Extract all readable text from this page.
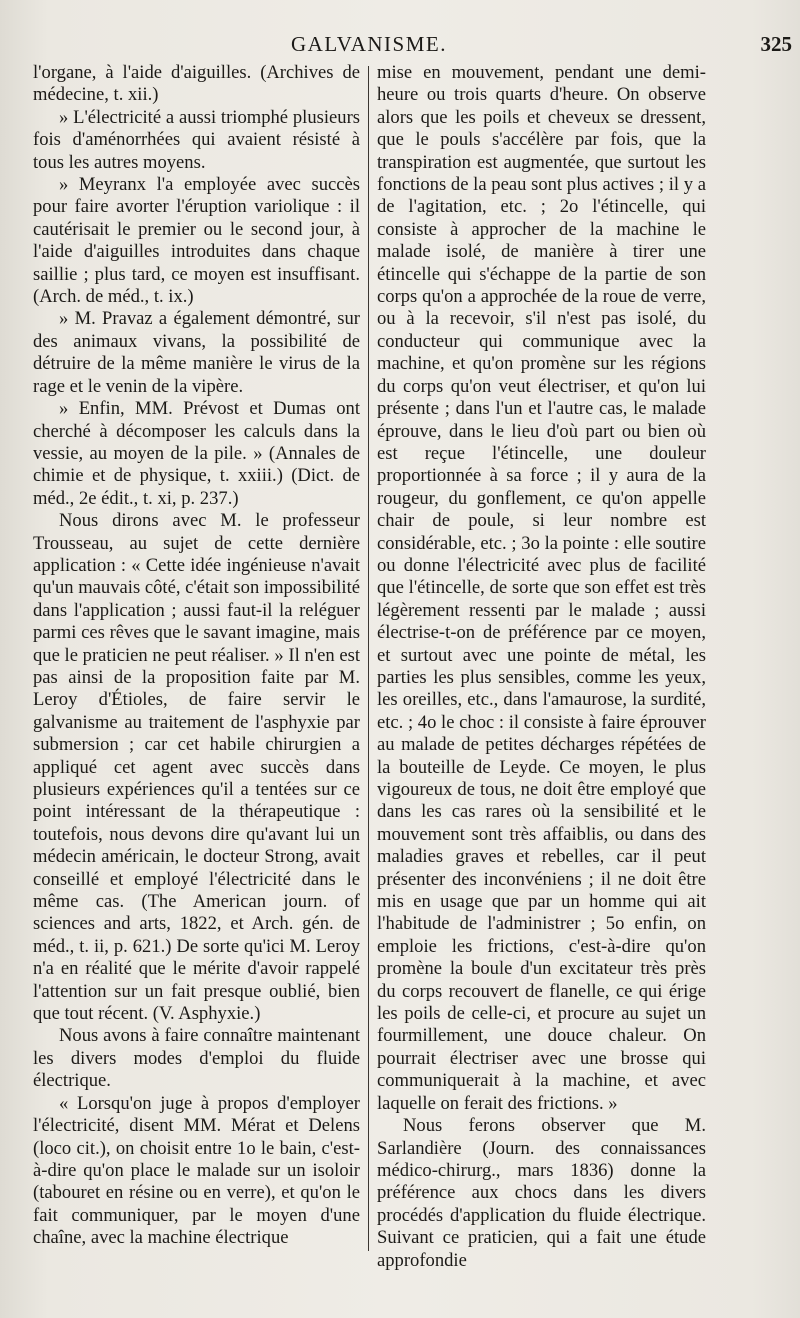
GALVANISME.	325

l'organe, à l'aide d'aiguilles. (Archives de médecine, t. xii.)

» L'électricité a aussi triomphé plusieurs fois d'aménorrhées qui avaient résisté à tous les autres moyens.

» Meyranx l'a employée avec succès pour faire avorter l'éruption variolique : il cautérisait le premier ou le second jour, à l'aide d'aiguilles introduites dans chaque saillie ; plus tard, ce moyen est insuffisant. (Arch. de méd., t. ix.)

» M. Pravaz a également démontré, sur des animaux vivans, la possibilité de détruire de la même manière le virus de la rage et le venin de la vipère.

» Enfin, MM. Prévost et Dumas ont cherché à décomposer les calculs dans la vessie, au moyen de la pile. » (Annales de chimie et de physique, t. xxiii.) (Dict. de méd., 2e édit., t. xi, p. 237.)

Nous dirons avec M. le professeur Trousseau, au sujet de cette dernière application : « Cette idée ingénieuse n'avait qu'un mauvais côté, c'était son impossibilité dans l'application ; aussi faut-il la reléguer parmi ces rêves que le savant imagine, mais que le praticien ne peut réaliser. » Il n'en est pas ainsi de la proposition faite par M. Leroy d'Étioles, de faire servir le galvanisme au traitement de l'asphyxie par submersion ; car cet habile chirurgien a appliqué cet agent avec succès dans plusieurs expériences qu'il a tentées sur ce point intéressant de la thérapeutique : toutefois, nous devons dire qu'avant lui un médecin américain, le docteur Strong, avait conseillé et employé l'électricité dans le même cas. (The American journ. of sciences and arts, 1822, et Arch. gén. de méd., t. ii, p. 621.) De sorte qu'ici M. Leroy n'a en réalité que le mérite d'avoir rappelé l'attention sur un fait presque oublié, bien que tout récent. (V. Asphyxie.)

Nous avons à faire connaître maintenant les divers modes d'emploi du fluide électrique.

« Lorsqu'on juge à propos d'employer l'électricité, disent MM. Mérat et Delens (loco cit.), on choisit entre 1o le bain, c'est-à-dire qu'on place le malade sur un isoloir (tabouret en résine ou en verre), et qu'on le fait communiquer, par le moyen d'une chaîne, avec la machine électrique

mise en mouvement, pendant une demi-heure ou trois quarts d'heure. On observe alors que les poils et cheveux se dressent, que le pouls s'accélère par fois, que la transpiration est augmentée, que surtout les fonctions de la peau sont plus actives ; il y a de l'agitation, etc. ; 2o l'étincelle, qui consiste à approcher de la machine le malade isolé, de manière à tirer une étincelle qui s'échappe de la partie de son corps qu'on a approchée de la roue de verre, ou à la recevoir, s'il n'est pas isolé, du conducteur qui communique avec la machine, et qu'on promène sur les régions du corps qu'on veut électriser, et qu'on lui présente ; dans l'un et l'autre cas, le malade éprouve, dans le lieu d'où part ou bien où est reçue l'étincelle, une douleur proportionnée à sa force ; il y aura de la rougeur, du gonflement, ce qu'on appelle chair de poule, si leur nombre est considérable, etc. ; 3o la pointe : elle soutire ou donne l'électricité avec plus de facilité que l'étincelle, de sorte que son effet est très légèrement ressenti par le malade ; aussi électrise-t-on de préférence par ce moyen, et surtout avec une pointe de métal, les parties les plus sensibles, comme les yeux, les oreilles, etc., dans l'amaurose, la surdité, etc. ; 4o le choc : il consiste à faire éprouver au malade de petites décharges répétées de la bouteille de Leyde. Ce moyen, le plus vigoureux de tous, ne doit être employé que dans les cas rares où la sensibilité et le mouvement sont très affaiblis, ou dans des maladies graves et rebelles, car il peut présenter des inconvéniens ; il ne doit être mis en usage que par un homme qui ait l'habitude de l'administrer ; 5o enfin, on emploie les frictions, c'est-à-dire qu'on promène la boule d'un excitateur très près du corps recouvert de flanelle, ce qui érige les poils de celle-ci, et procure au sujet un fourmillement, une douce chaleur. On pourrait électriser avec une brosse qui communiquerait à la machine, et avec laquelle on ferait des frictions. »

Nous ferons observer que M. Sarlandière (Journ. des connaissances médico-chirurg., mars 1836) donne la préférence aux chocs dans les divers procédés d'application du fluide électrique. Suivant ce praticien, qui a fait une étude approfondie
